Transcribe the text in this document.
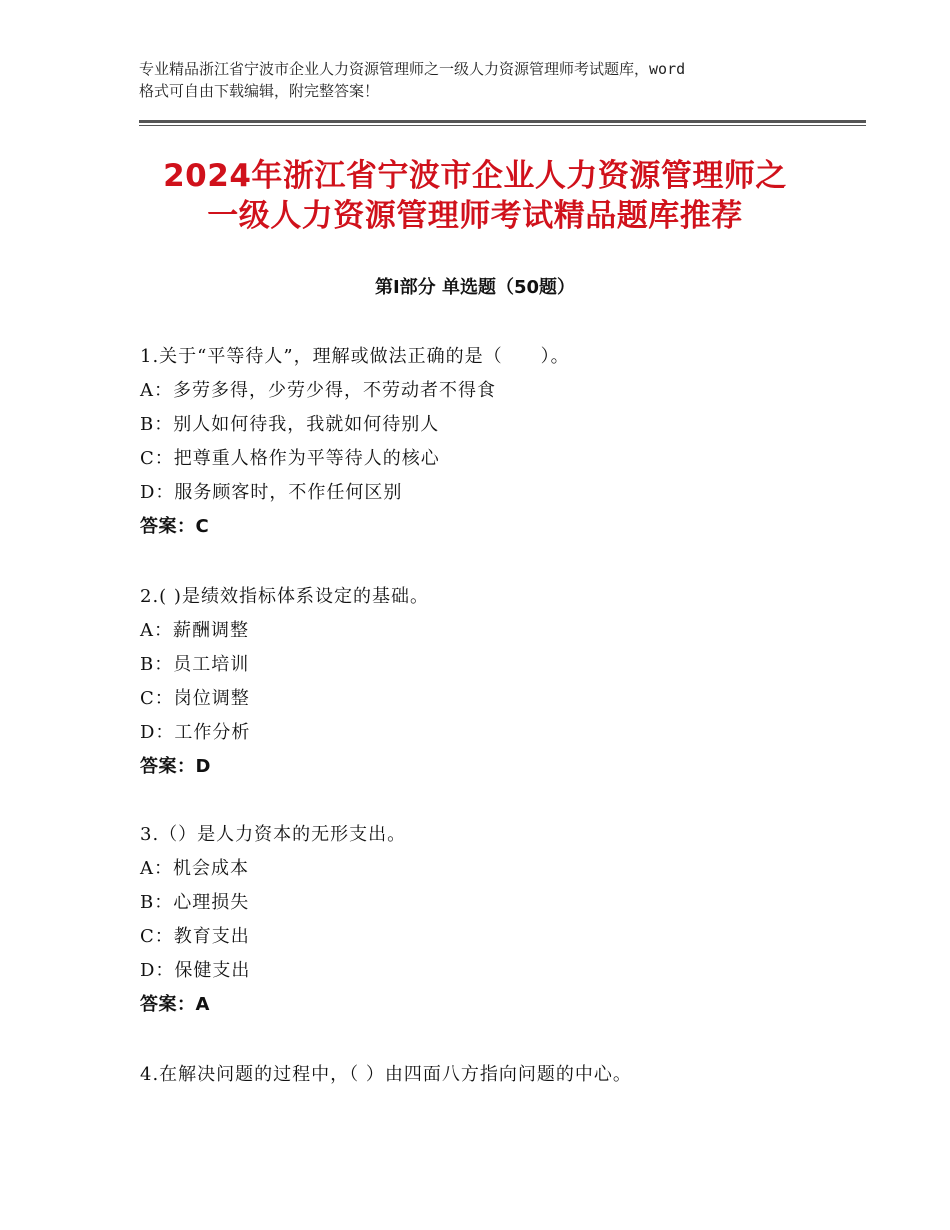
专业精品浙江省宁波市企业人力资源管理师之一级人力资源管理师考试题库，word
格式可自由下载编辑，附完整答案！
2024年浙江省宁波市企业人力资源管理师之
一级人力资源管理师考试精品题库推荐
第Ⅰ部分 单选题（50题）
1.关于“平等待人”，理解或做法正确的是（　　）。
A：多劳多得，少劳少得，不劳动者不得食
B：别人如何待我，我就如何待别人
C：把尊重人格作为平等待人的核心
D：服务顾客时，不作任何区别
答案：C
2.( )是绩效指标体系设定的基础。
A：薪酬调整
B：员工培训
C：岗位调整
D：工作分析
答案：D
3.（）是人力资本的无形支出。
A：机会成本
B：心理损失
C：教育支出
D：保健支出
答案：A
4.在解决问题的过程中，（ ）由四面八方指向问题的中心。
